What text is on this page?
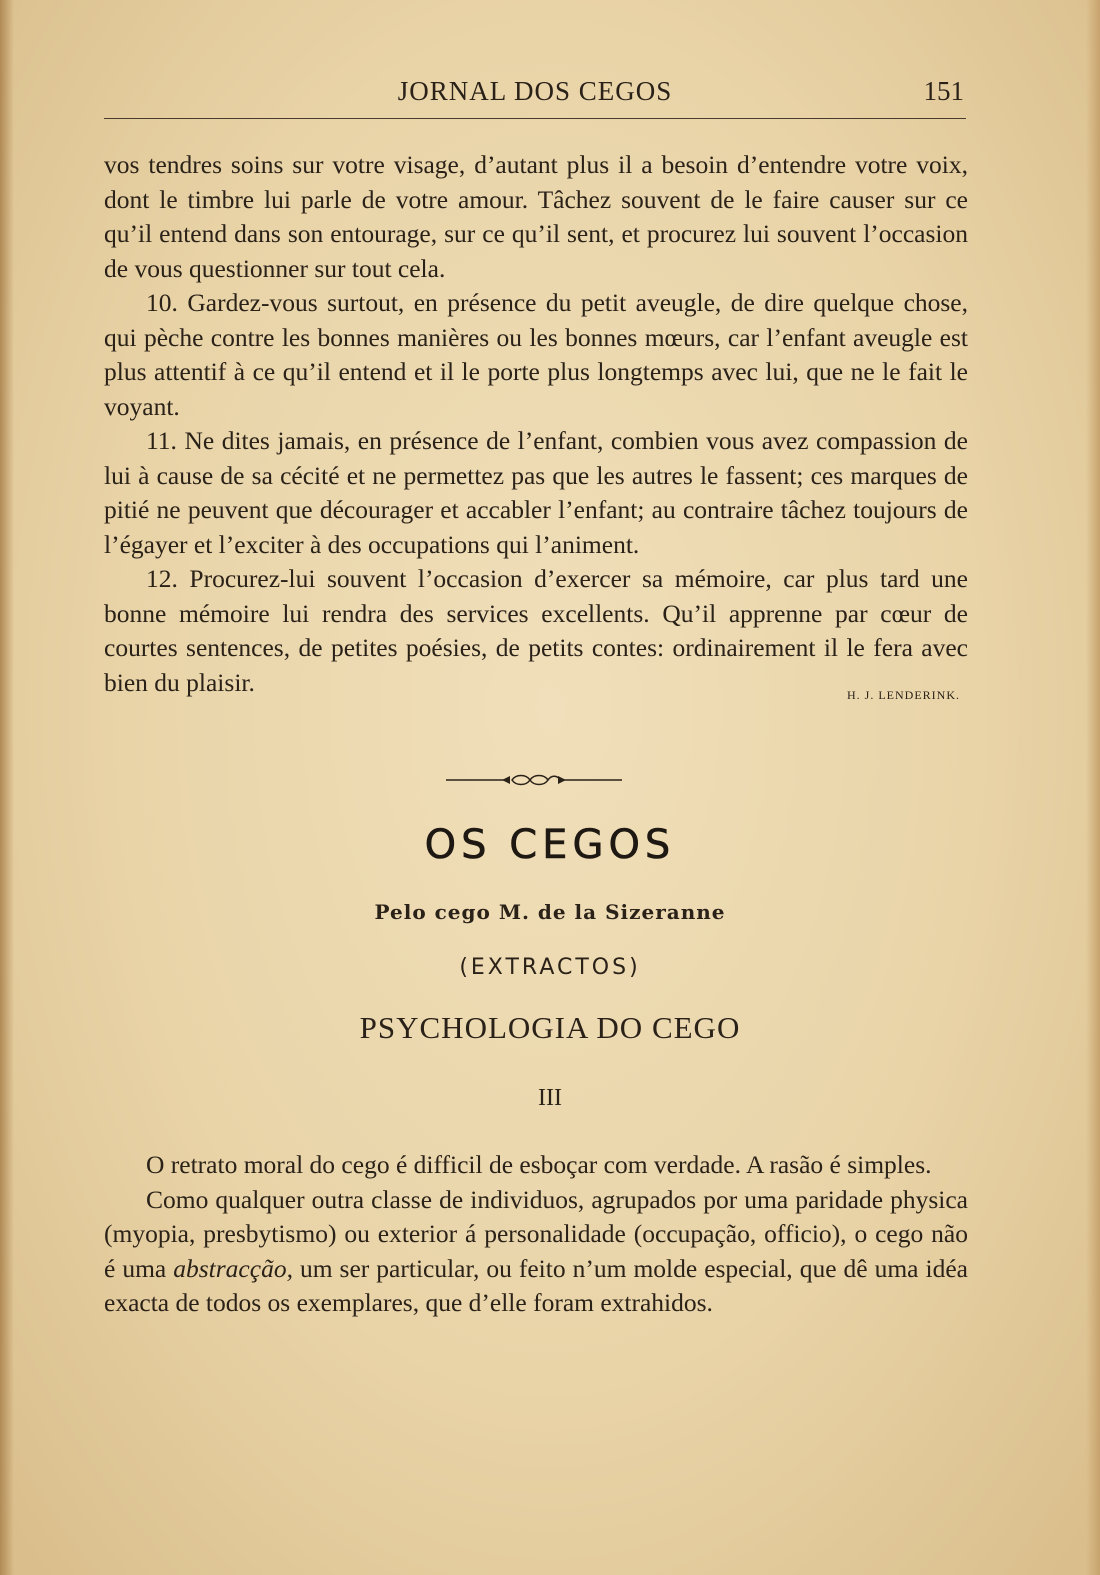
JORNAL DOS CEGOS	151

vos tendres soins sur votre visage, d’autant plus il a besoin d’entendre votre voix, dont le timbre lui parle de votre amour. Tâchez souvent de le faire causer sur ce qu’il entend dans son entourage, sur ce qu’il sent, et procurez lui souvent l’occasion de vous questionner sur tout cela.

10. Gardez-vous surtout, en présence du petit aveugle, de dire quelque chose, qui pèche contre les bonnes manières ou les bonnes mœurs, car l’enfant aveugle est plus attentif à ce qu’il entend et il le porte plus longtemps avec lui, que ne le fait le voyant.

11. Ne dites jamais, en présence de l’enfant, combien vous avez compassion de lui à cause de sa cécité et ne permettez pas que les autres le fassent; ces marques de pitié ne peuvent que décourager et accabler l’enfant; au contraire tâchez toujours de l’égayer et l’exciter à des occupations qui l’animent.

12. Procurez-lui souvent l’occasion d’exercer sa mémoire, car plus tard une bonne mémoire lui rendra des services excellents. Qu’il apprenne par cœur de courtes sentences, de petites poésies, de petits contes: ordinairement il le fera avec bien du plaisir.	H. J. LENDERINK.

OS CEGOS
Pelo cego M. de la Sizeranne
(EXTRACTOS)
PSYCHOLOGIA DO CEGO
III

O retrato moral do cego é difficil de esboçar com verdade. A rasão é simples.

Como qualquer outra classe de individuos, agrupados por uma paridade physica (myopia, presbytismo) ou exterior á personalidade (occupação, officio), o cego não é uma abstracção, um ser particular, ou feito n’um molde especial, que dê uma idéa exacta de todos os exemplares, que d’elle foram extrahidos.
